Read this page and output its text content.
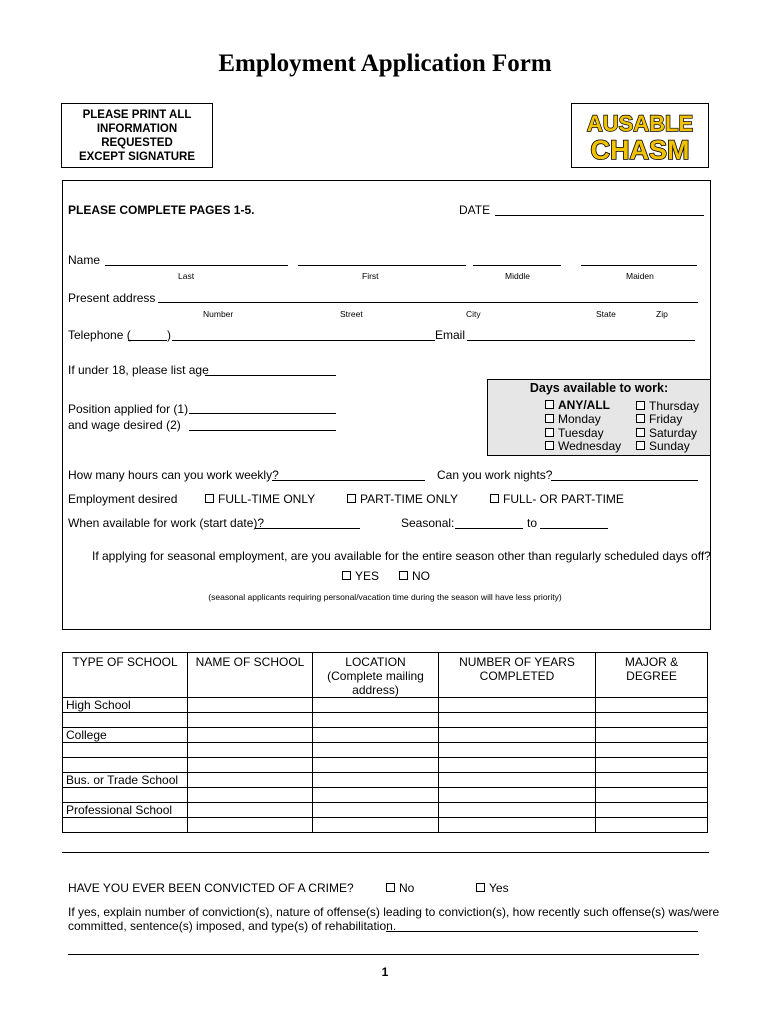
Employment Application Form
PLEASE PRINT ALL
INFORMATION REQUESTED
EXCEPT SIGNATURE
AUSABLE
CHASM
PLEASE COMPLETE PAGES 1-5.	DATE
Name
Last	First	Middle	Maiden
Present address
Number	Street	City	State	Zip
Telephone (	)	Email
If under 18, please list age
Position applied for (1)
and wage desired (2)
Days available to work:
ANY/ALL	Thursday
Monday	Friday
Tuesday	Saturday
Wednesday	Sunday
How many hours can you work weekly?	Can you work nights?
Employment desired	FULL-TIME ONLY	PART-TIME ONLY	FULL- OR PART-TIME
When available for work (start date)?	Seasonal:	to
If applying for seasonal employment, are you available for the entire season other than regularly scheduled days off?
YES	NO
(seasonal applicants requiring personal/vacation time during the season will have less priority)
TYPE OF SCHOOL	NAME OF SCHOOL	LOCATION (Complete mailing address)	NUMBER OF YEARS COMPLETED	MAJOR & DEGREE
High School				

College				

Bus. or Trade School				

Professional School				

HAVE YOU EVER BEEN CONVICTED OF A CRIME?	No	Yes
If yes, explain number of conviction(s), nature of offense(s) leading to conviction(s), how recently such offense(s) was/were
committed, sentence(s) imposed, and type(s) of rehabilitation.
1
